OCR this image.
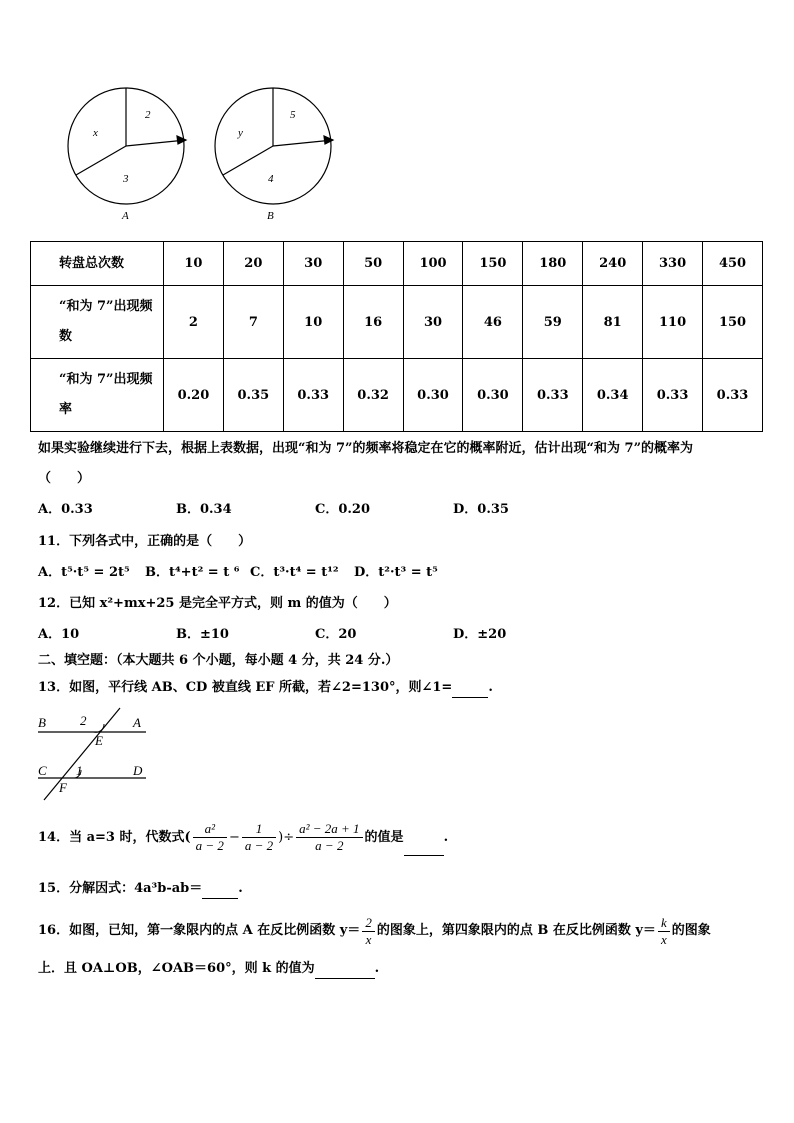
2
x
3
A
5
y
4
B
转盘总次数	10	20	30	50	100	150	180	240	330	450
“和为 7”出现频数	2	7	10	16	30	46	59	81	110	150
“和为 7”出现频率	0.20	0.35	0.33	0.32	0.30	0.30	0.33	0.34	0.33	0.33
如果实验继续进行下去，根据上表数据，出现“和为 7”的频率将稳定在它的概率附近，估计出现“和为 7”的概率为
（　　）
A．0.33	B．0.34	C．0.20	D．0.35
11．下列各式中，正确的是（　　）
A．t⁵·t⁵ = 2t⁵ B．t⁴+t² = t ⁶ C．t³·t⁴ = t¹² D．t²·t³ = t⁵
12．已知 x²+mx+25 是完全平方式，则 m 的值为（　　）
A．10	B．±10	C．20	D．±20
二、填空题：（本大题共 6 个小题，每小题 4 分，共 24 分.）
13．如图，平行线 AB、CD 被直线 EF 所截，若∠2=130°，则∠1=	.
B	2	A
E
C 1	D
F
14．当 a=3 时，代数式( $\frac{\text{a²}}{a - 2} - \frac{1}{a - 2}$ )÷ $\frac{\text{a² − 2a + 1}}{a - 2}$ 的值是
	.
15．分解因式：4a³b-ab＝	.
16．如图，已知，第一象限内的点 A 在反比例函数 $y= \frac{2}{x}$ 的图象上，第四象限内的点 B 在反比例函数 $y= \frac{k}{x}$ 的图象
上．且 OA⊥OB，∠OAB＝60°，则 k 的值为	.
